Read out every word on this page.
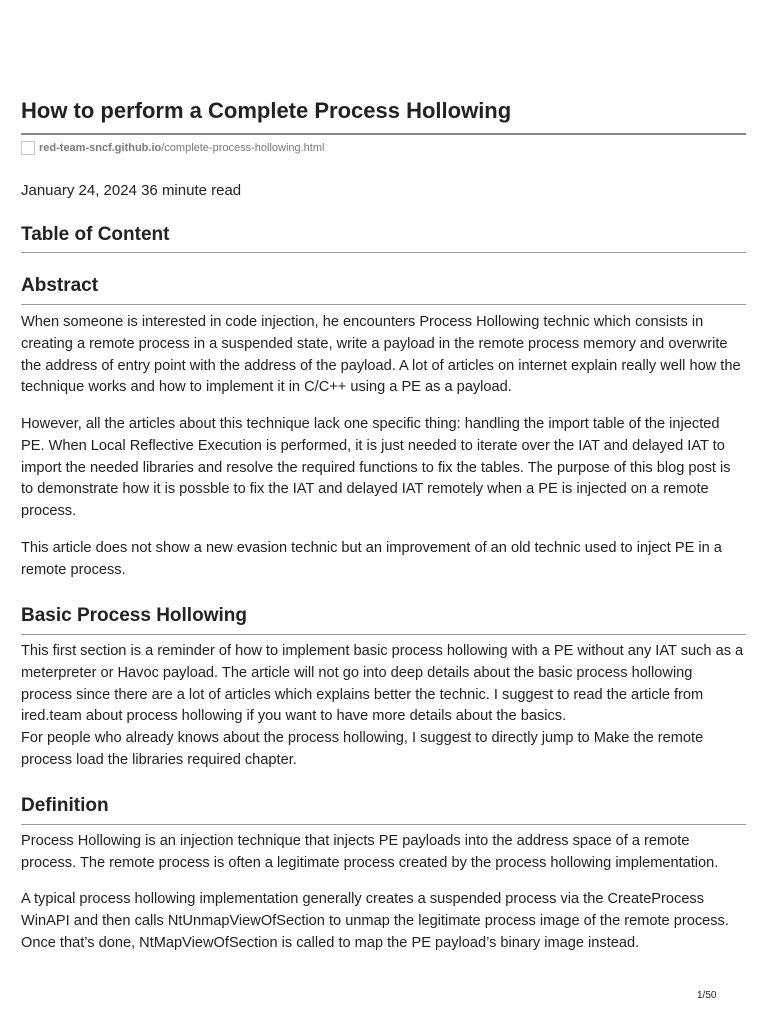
How to perform a Complete Process Hollowing
red-team-sncf.github.io /complete-process-hollowing.html
January 24, 2024 36 minute read
Table of Content
Abstract

When someone is interested in code injection, he encounters Process Hollowing technic which consists in creating a remote process in a suspended state, write a payload in the remote process memory and overwrite the address of entry point with the address of the payload. A lot of articles on internet explain really well how the technique works and how to implement it in C/C++ using a PE as a payload.

However, all the articles about this technique lack one specific thing: handling the import table of the injected PE. When Local Reflective Execution is performed, it is just needed to iterate over the IAT and delayed IAT to import the needed libraries and resolve the required functions to fix the tables. The purpose of this blog post is to demonstrate how it is possble to fix the IAT and delayed IAT remotely when a PE is injected on a remote process.

This article does not show a new evasion technic but an improvement of an old technic used to inject PE in a remote process.

Basic Process Hollowing

This first section is a reminder of how to implement basic process hollowing with a PE without any IAT such as a meterpreter or Havoc payload. The article will not go into deep details about the basic process hollowing process since there are a lot of articles which explains better the technic. I suggest to read the article from ired.team about process hollowing if you want to have more details about the basics.

For people who already knows about the process hollowing, I suggest to directly jump to Make the remote process load the libraries required chapter.

Definition

Process Hollowing is an injection technique that injects PE payloads into the address space of a remote process. The remote process is often a legitimate process created by the process hollowing implementation.

A typical process hollowing implementation generally creates a suspended process via the CreateProcess WinAPI and then calls NtUnmapViewOfSection to unmap the legitimate process image of the remote process. Once that’s done, NtMapViewOfSection is called to map the PE payload’s binary image instead.

1/50
